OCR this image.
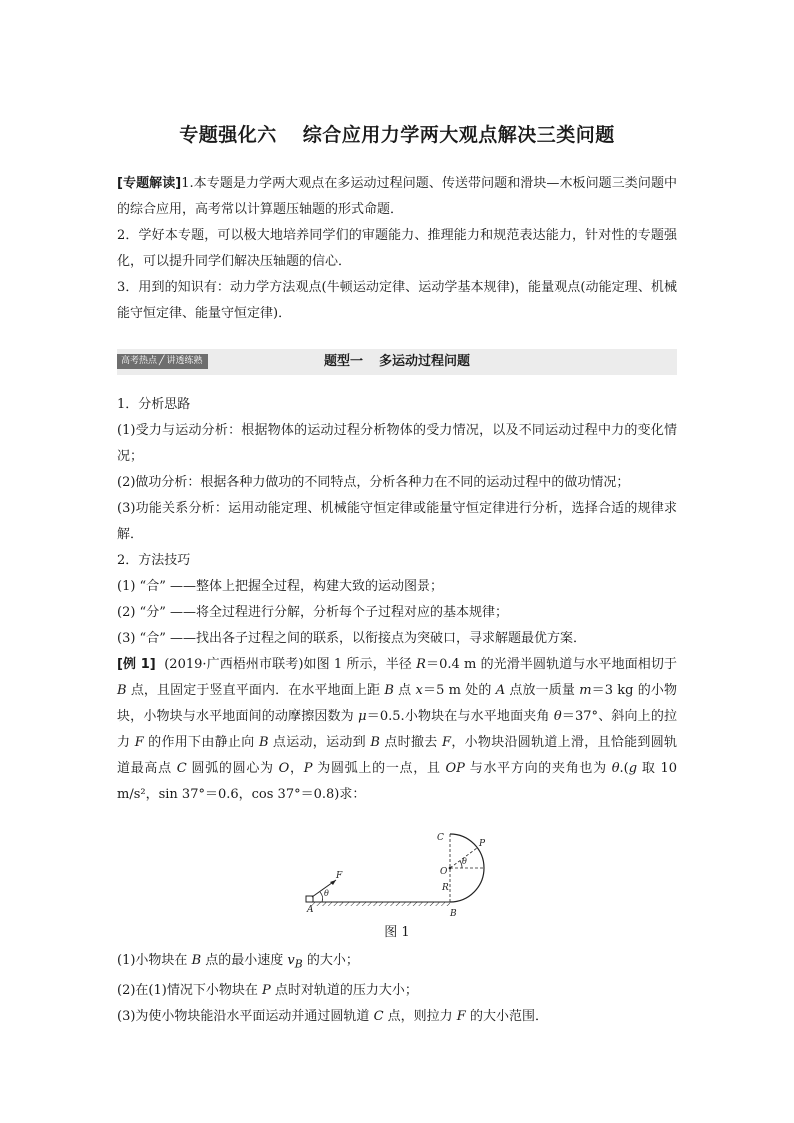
专题强化六 综合应用力学两大观点解决三类问题

[专题解读]1.本专题是力学两大观点在多运动过程问题、传送带问题和滑块—木板问题三类问题中的综合应用，高考常以计算题压轴题的形式命题．

2．学好本专题，可以极大地培养同学们的审题能力、推理能力和规范表达能力，针对性的专题强化，可以提升同学们解决压轴题的信心．

3．用到的知识有：动力学方法观点(牛顿运动定律、运动学基本规律)，能量观点(动能定理、机械能守恒定律、能量守恒定律)．

题型一 多运动过程问题
高考热点 ╱ 讲透练熟

1．分析思路

(1)受力与运动分析：根据物体的运动过程分析物体的受力情况，以及不同运动过程中力的变化情况；

(2)做功分析：根据各种力做功的不同特点，分析各种力在不同的运动过程中的做功情况；

(3)功能关系分析：运用动能定理、机械能守恒定律或能量守恒定律进行分析，选择合适的规律求解．

2．方法技巧

(1) “合” ——整体上把握全过程，构建大致的运动图景；

(2) “分” ——将全过程进行分解，分析每个子过程对应的基本规律；

(3) “合” ——找出各子过程之间的联系，以衔接点为突破口，寻求解题最优方案．

[例 1] (2019·广西梧州市联考)如图 1 所示，半径 R＝0.4 m 的光滑半圆轨道与水平地面相切于 B 点，且固定于竖直平面内．在水平地面上距 B 点 x＝5 m 处的 A 点放一质量 m＝3 kg 的小物块，小物块与水平地面间的动摩擦因数为 μ＝0.5.小物块在与水平地面夹角 θ＝37°、斜向上的拉力 F 的作用下由静止向 B 点运动，运动到 B 点时撤去 F，小物块沿圆轨道上滑，且恰能到圆轨道最高点 C 圆弧的圆心为 O，P 为圆弧上的一点，且 OP 与水平方向的夹角也为 θ.(g 取 10 m/s²，sin 37°＝0.6，cos 37°＝0.8)求：

C
P
O
R
B
A
F
θ
θ
图 1

(1)小物块在 B 点的最小速度 $v_B$ 的大小；

(2)在(1)情况下小物块在 P 点时对轨道的压力大小；

(3)为使小物块能沿水平面运动并通过圆轨道 C 点，则拉力 F 的大小范围．
